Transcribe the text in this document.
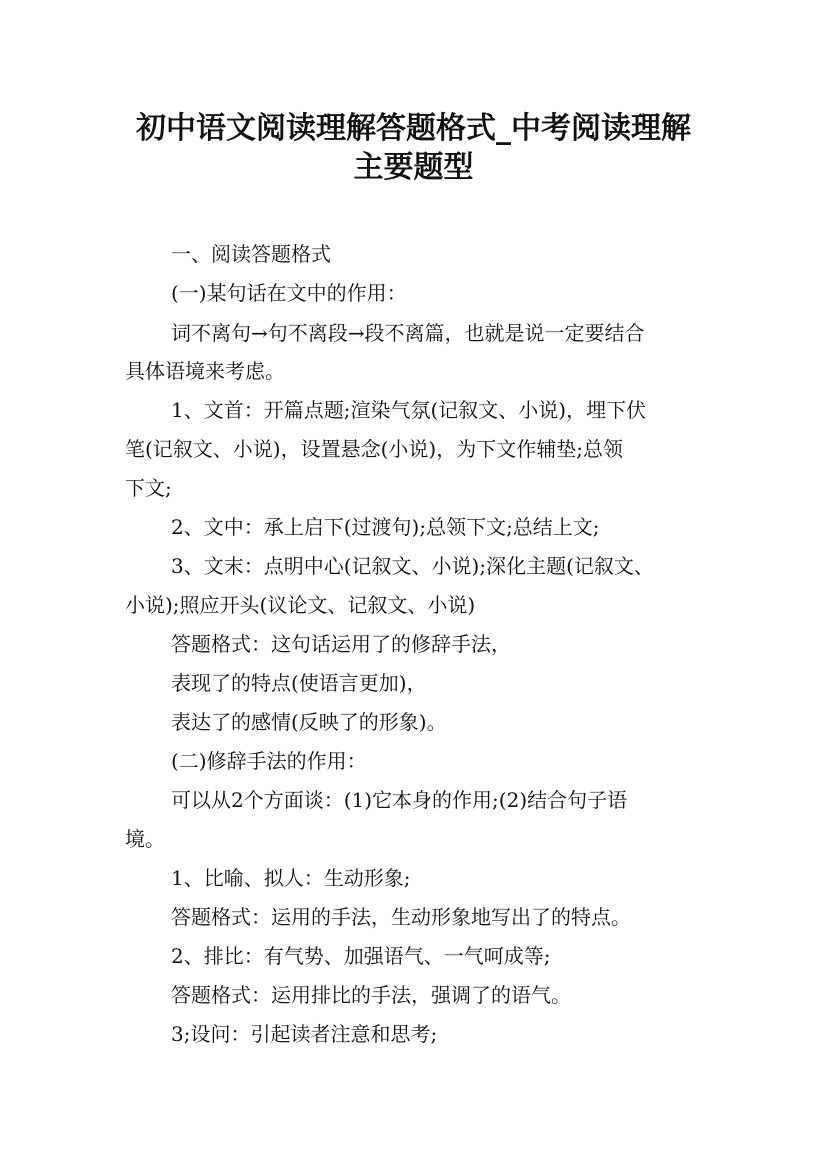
初中语文阅读理解答题格式_中考阅读理解
主要题型

一、阅读答题格式

(一)某句话在文中的作用：

词不离句→句不离段→段不离篇，也就是说一定要结合

具体语境来考虑。

1、文首：开篇点题;渲染气氛(记叙文、小说)，埋下伏

笔(记叙文、小说)，设置悬念(小说)，为下文作辅垫;总领

下文;

2、文中：承上启下(过渡句);总领下文;总结上文;

3、文末：点明中心(记叙文、小说);深化主题(记叙文、

小说);照应开头(议论文、记叙文、小说)

答题格式：这句话运用了的修辞手法，

表现了的特点(使语言更加)，

表达了的感情(反映了的形象)。

(二)修辞手法的作用：

可以从2个方面谈：(1)它本身的作用;(2)结合句子语

境。

1、比喻、拟人：生动形象;

答题格式：运用的手法，生动形象地写出了的特点。

2、排比：有气势、加强语气、一气呵成等;

答题格式：运用排比的手法，强调了的语气。

3;设问：引起读者注意和思考;
